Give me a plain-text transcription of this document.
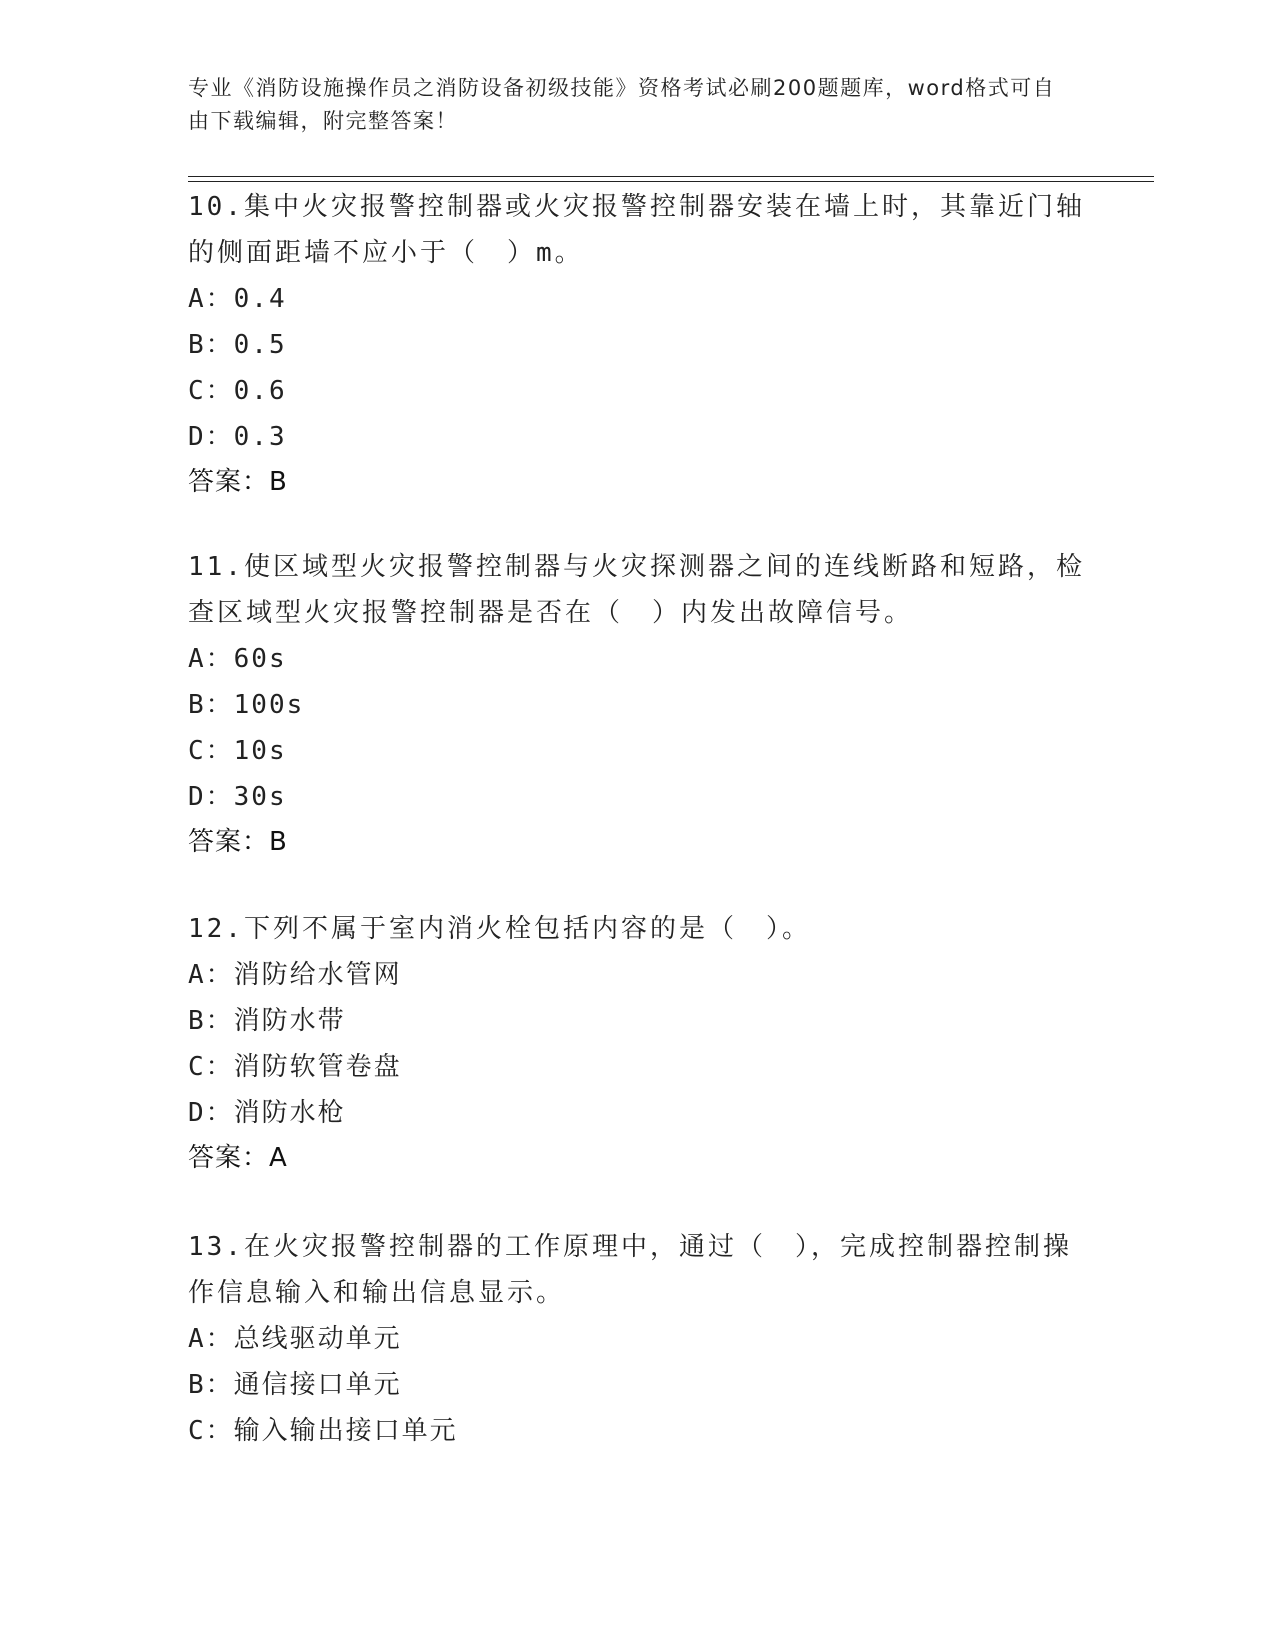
专业《消防设施操作员之消防设备初级技能》资格考试必刷200题题库，word格式可自由下载编辑，附完整答案！
10.集中火灾报警控制器或火灾报警控制器安装在墙上时，其靠近门轴的侧面距墙不应小于（　）m。
A：0.4
B：0.5
C：0.6
D：0.3
答案：B
11.使区域型火灾报警控制器与火灾探测器之间的连线断路和短路，检查区域型火灾报警控制器是否在（　）内发出故障信号。
A：60s
B：100s
C：10s
D：30s
答案：B
12.下列不属于室内消火栓包括内容的是（　）。
A：消防给水管网
B：消防水带
C：消防软管卷盘
D：消防水枪
答案：A
13.在火灾报警控制器的工作原理中，通过（　），完成控制器控制操作信息输入和输出信息显示。
A：总线驱动单元
B：通信接口单元
C：输入输出接口单元
